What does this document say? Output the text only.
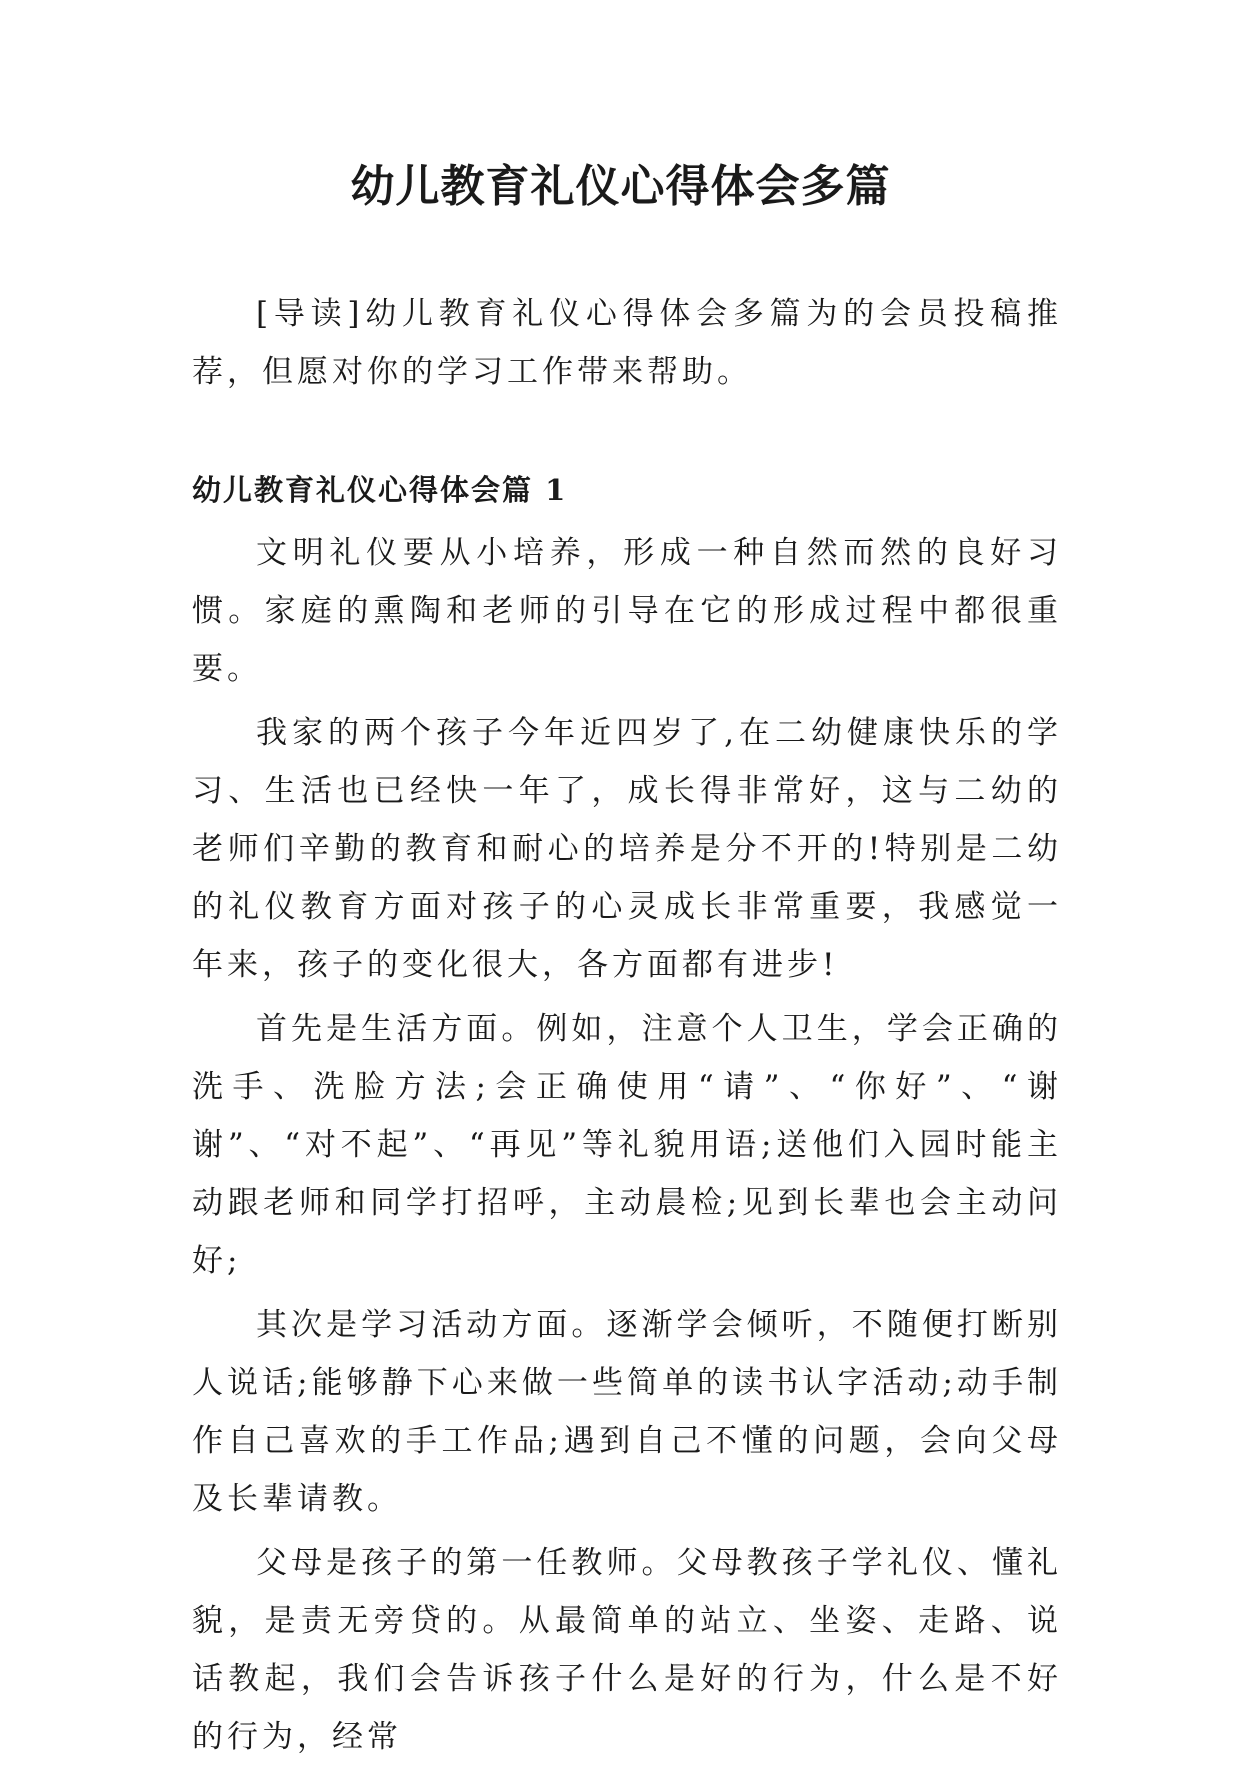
幼儿教育礼仪心得体会多篇

[导读]幼儿教育礼仪心得体会多篇为的会员投稿推荐，但愿对你的学习工作带来帮助。

幼儿教育礼仪心得体会篇 1

文明礼仪要从小培养，形成一种自然而然的良好习惯。家庭的熏陶和老师的引导在它的形成过程中都很重要。

我家的两个孩子今年近四岁了,在二幼健康快乐的学习、生活也已经快一年了，成长得非常好，这与二幼的老师们辛勤的教育和耐心的培养是分不开的!特别是二幼的礼仪教育方面对孩子的心灵成长非常重要，我感觉一年来，孩子的变化很大，各方面都有进步!

首先是生活方面。例如，注意个人卫生，学会正确的洗手、洗脸方法;会正确使用“请”、“你好”、“谢谢”、“对不起”、“再见”等礼貌用语;送他们入园时能主动跟老师和同学打招呼，主动晨检;见到长辈也会主动问好;

其次是学习活动方面。逐渐学会倾听，不随便打断别人说话;能够静下心来做一些简单的读书认字活动;动手制作自己喜欢的手工作品;遇到自己不懂的问题，会向父母及长辈请教。

父母是孩子的第一任教师。父母教孩子学礼仪、懂礼貌，是责无旁贷的。从最简单的站立、坐姿、走路、说话教起，我们会告诉孩子什么是好的行为，什么是不好的行为，经常
